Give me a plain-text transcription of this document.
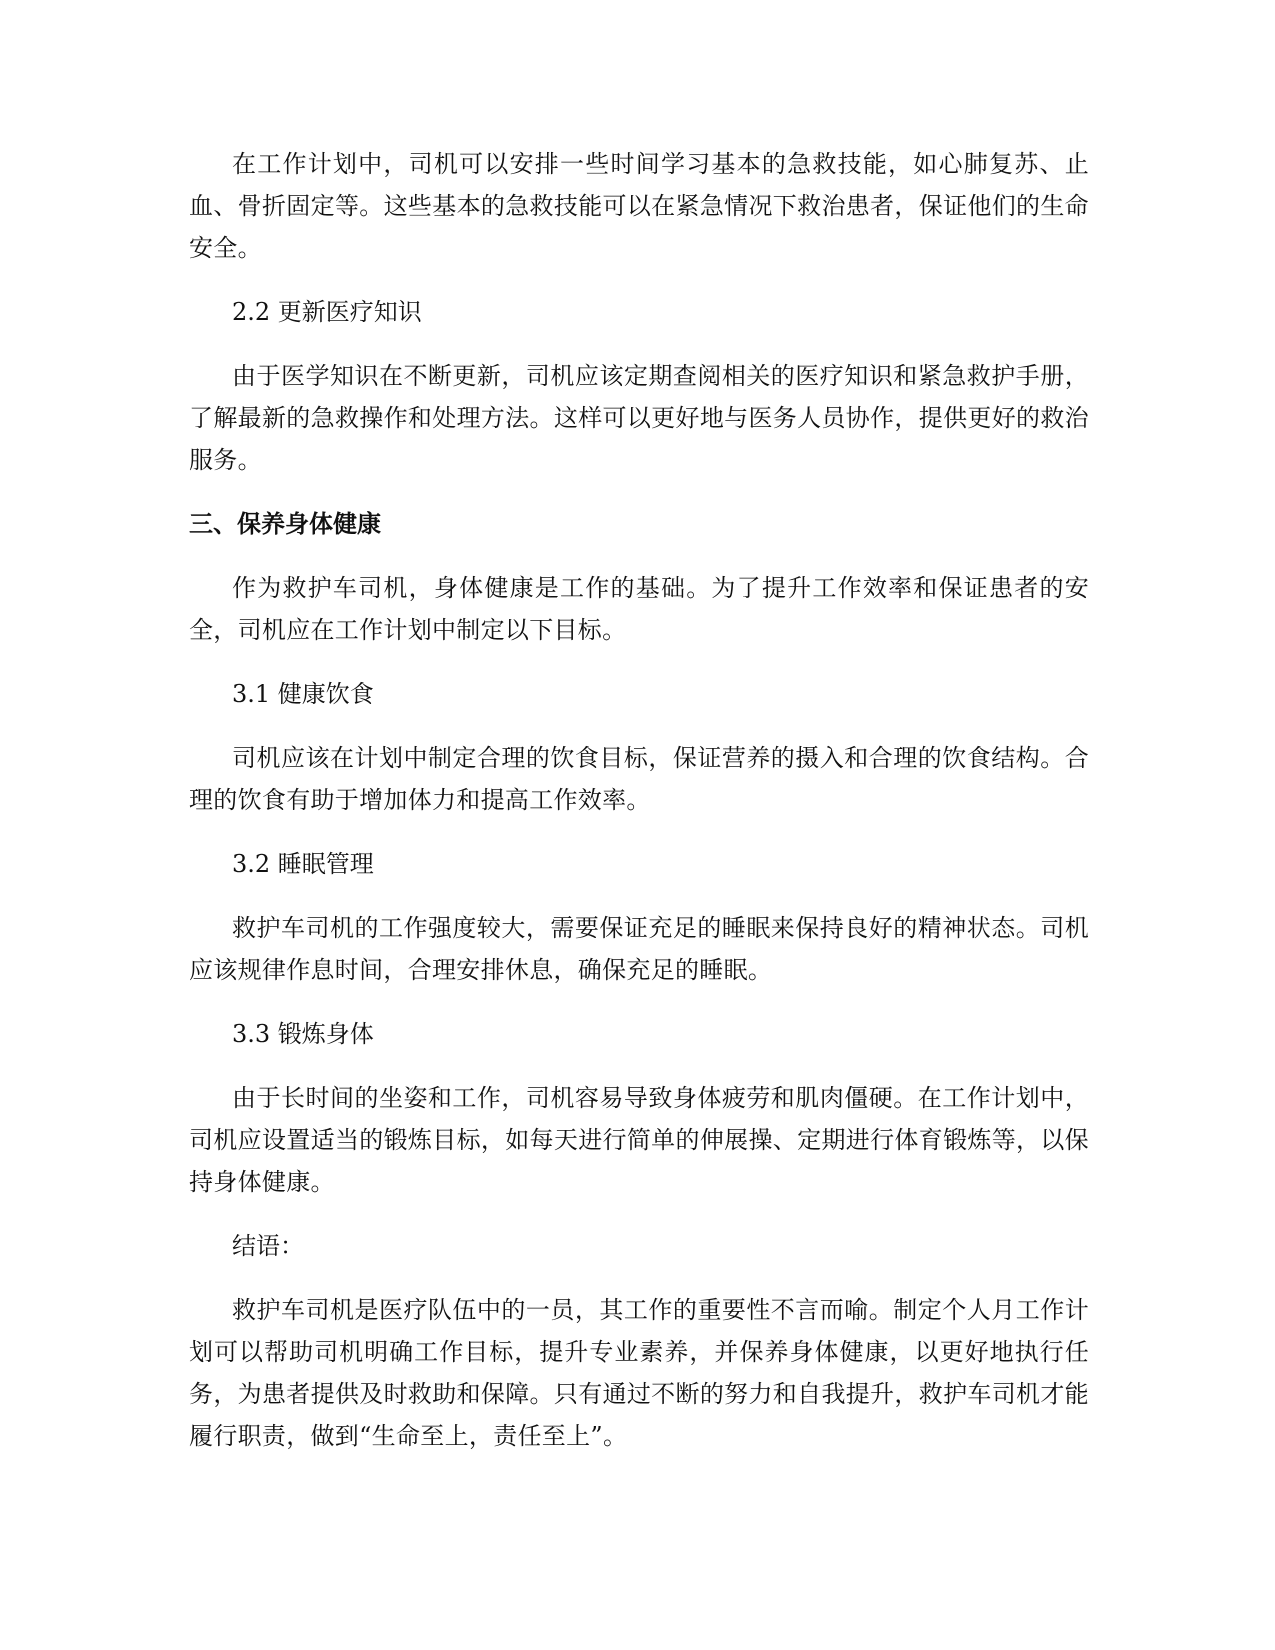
在工作计划中，司机可以安排一些时间学习基本的急救技能，如心肺复苏、止血、骨折固定等。这些基本的急救技能可以在紧急情况下救治患者，保证他们的生命安全。

2.2 更新医疗知识

由于医学知识在不断更新，司机应该定期查阅相关的医疗知识和紧急救护手册，了解最新的急救操作和处理方法。这样可以更好地与医务人员协作，提供更好的救治服务。

三、保养身体健康

作为救护车司机，身体健康是工作的基础。为了提升工作效率和保证患者的安全，司机应在工作计划中制定以下目标。

3.1 健康饮食

司机应该在计划中制定合理的饮食目标，保证营养的摄入和合理的饮食结构。合理的饮食有助于增加体力和提高工作效率。

3.2 睡眠管理

救护车司机的工作强度较大，需要保证充足的睡眠来保持良好的精神状态。司机应该规律作息时间，合理安排休息，确保充足的睡眠。

3.3 锻炼身体

由于长时间的坐姿和工作，司机容易导致身体疲劳和肌肉僵硬。在工作计划中，司机应设置适当的锻炼目标，如每天进行简单的伸展操、定期进行体育锻炼等，以保持身体健康。

结语：

救护车司机是医疗队伍中的一员，其工作的重要性不言而喻。制定个人月工作计划可以帮助司机明确工作目标，提升专业素养，并保养身体健康，以更好地执行任务，为患者提供及时救助和保障。只有通过不断的努力和自我提升，救护车司机才能履行职责，做到“生命至上，责任至上”。
